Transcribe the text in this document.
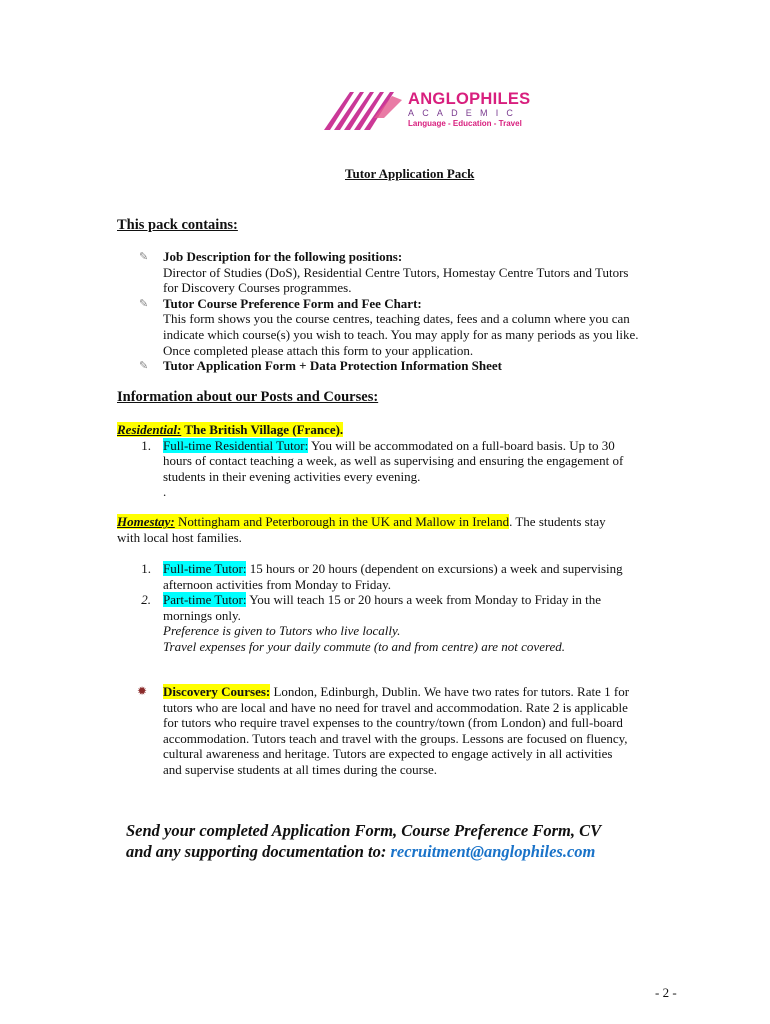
ANGLOPHILES
ACADEMIC
Language - Education - Travel
Tutor Application Pack
This pack contains:
✎ Job Description for the following positions:

Director of Studies (DoS), Residential Centre Tutors, Homestay Centre Tutors and Tutors

for Discovery Courses programmes.

✎ Tutor Course Preference Form and Fee Chart:

This form shows you the course centres, teaching dates, fees and a column where you can

indicate which course(s) you wish to teach. You may apply for as many periods as you like.

Once completed please attach this form to your application.

✎ Tutor Application Form + Data Protection Information Sheet

Information about our Posts and Courses:

Residential: The British Village (France).

1. Full-time Residential Tutor: You will be accommodated on a full-board basis. Up to 30

hours of contact teaching a week, as well as supervising and ensuring the engagement of

students in their evening activities every evening.

.

Homestay: Nottingham and Peterborough in the UK and Mallow in Ireland. The students stay

with local host families.

1. Full-time Tutor: 15 hours or 20 hours (dependent on excursions) a week and supervising

afternoon activities from Monday to Friday.

2. Part-time Tutor: You will teach 15 or 20 hours a week from Monday to Friday in the

mornings only.

Preference is given to Tutors who live locally.

Travel expenses for your daily commute (to and from centre) are not covered.

✹ Discovery Courses: London, Edinburgh, Dublin. We have two rates for tutors. Rate 1 for

tutors who are local and have no need for travel and accommodation. Rate 2 is applicable

for tutors who require travel expenses to the country/town (from London) and full-board

accommodation. Tutors teach and travel with the groups. Lessons are focused on fluency,

cultural awareness and heritage. Tutors are expected to engage actively in all activities

and supervise students at all times during the course.

Send your completed Application Form, Course Preference Form, CV
and any supporting documentation to: recruitment@anglophiles.com
- 2 -
